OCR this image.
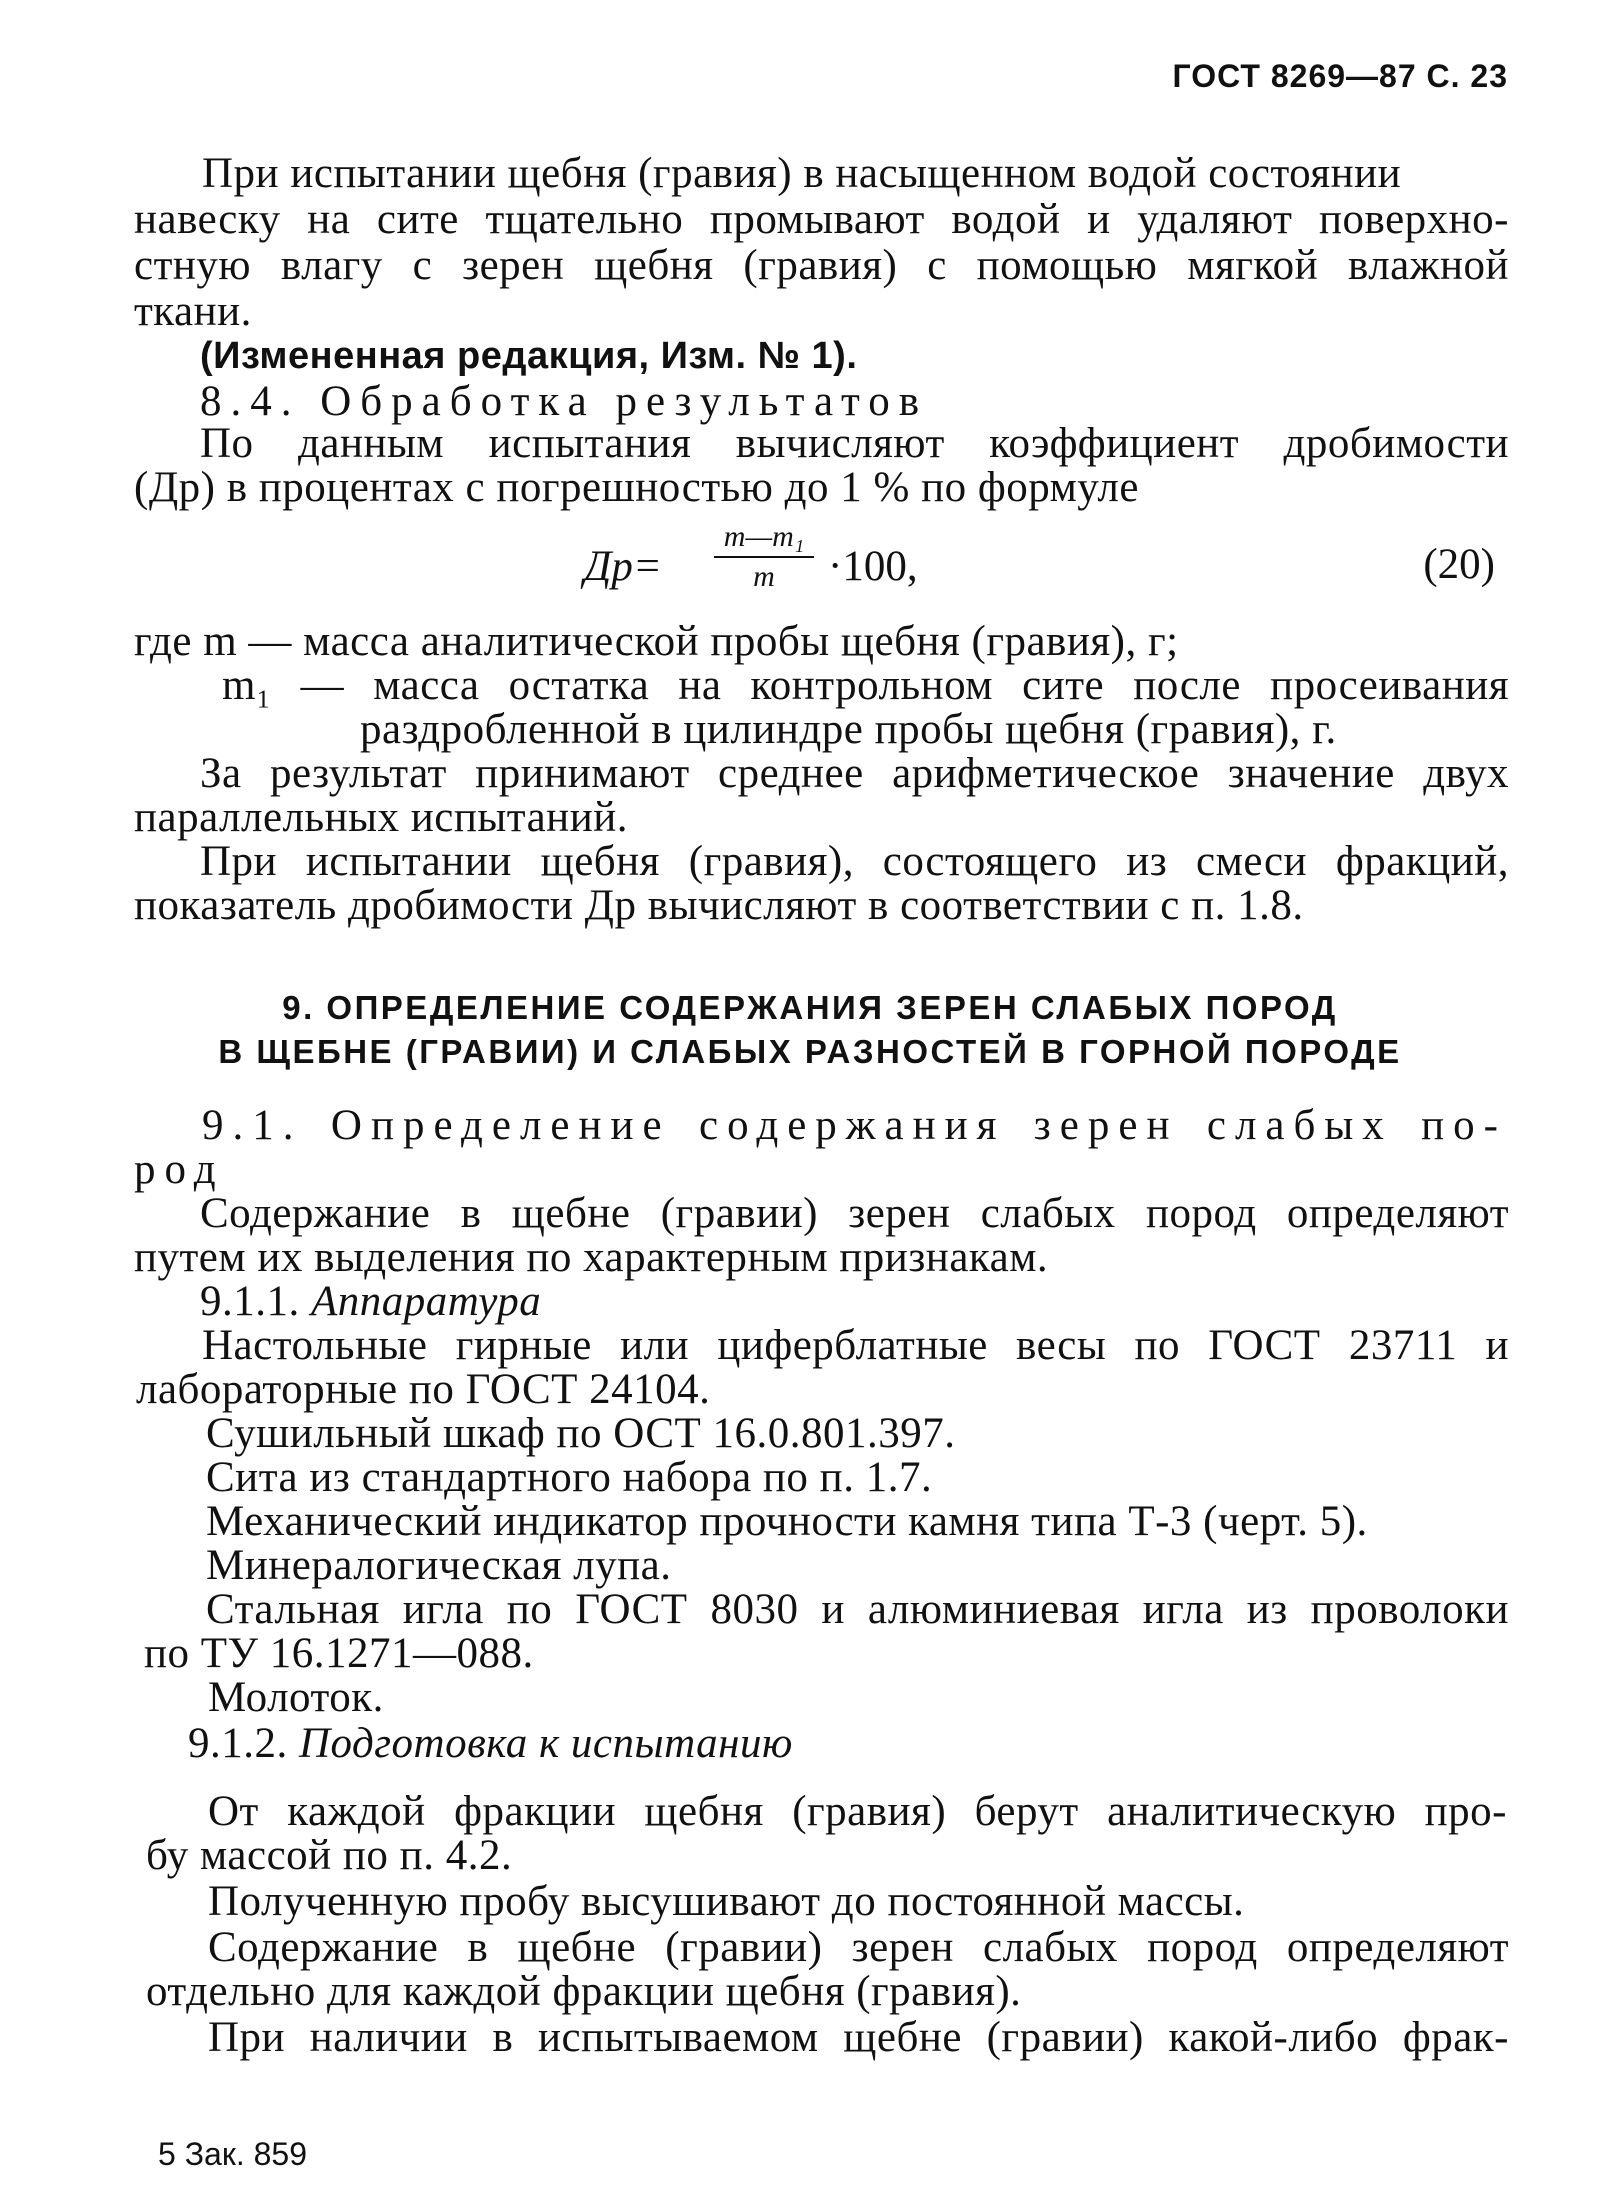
ГОСТ 8269—87 С. 23
При испытании щебня (гравия) в насыщенном водой состоянии
навеску на сите тщательно промывают водой и удаляют поверхно-
стную влагу с зерен щебня (гравия) с помощью мягкой влажной
ткани.
(Измененная редакция, Изм. № 1).
8.4. Обработка результатов
По данным испытания вычисляют коэффициент дробимости
(Др) в процентах с погрешностью до 1 % по формуле
Др=
m—m₁
m	·100,	(20)
где m — масса аналитической пробы щебня (гравия), г;
m₁ — масса остатка на контрольном сите после просеивания
раздробленной в цилиндре пробы щебня (гравия), г.
За результат принимают среднее арифметическое значение двух
параллельных испытаний.
При испытании щебня (гравия), состоящего из смеси фракций,
показатель дробимости Др вычисляют в соответствии с п. 1.8.
9. ОПРЕДЕЛЕНИЕ СОДЕРЖАНИЯ ЗЕРЕН СЛАБЫХ ПОРОД
В ЩЕБНЕ (ГРАВИИ) И СЛАБЫХ РАЗНОСТЕЙ В ГОРНОЙ ПОРОДЕ
9.1. Определение содержания зерен слабых по-
род
Содержание в щебне (гравии) зерен слабых пород определяют
путем их выделения по характерным признакам.
9.1.1. Аппаратура
Настольные гирные или циферблатные весы по ГОСТ 23711 и
лабораторные по ГОСТ 24104.
Сушильный шкаф по ОСТ 16.0.801.397.
Сита из стандартного набора по п. 1.7.
Механический индикатор прочности камня типа Т-3 (черт. 5).
Минералогическая лупа.
Стальная игла по ГОСТ 8030 и алюминиевая игла из проволоки
по ТУ 16.1271—088.
Молоток.
9.1.2. Подготовка к испытанию
От каждой фракции щебня (гравия) берут аналитическую про-
бу массой по п. 4.2.
Полученную пробу высушивают до постоянной массы.
Содержание в щебне (гравии) зерен слабых пород определяют
отдельно для каждой фракции щебня (гравия).
При наличии в испытываемом щебне (гравии) какой-либо фрак-
5 Зак. 859
